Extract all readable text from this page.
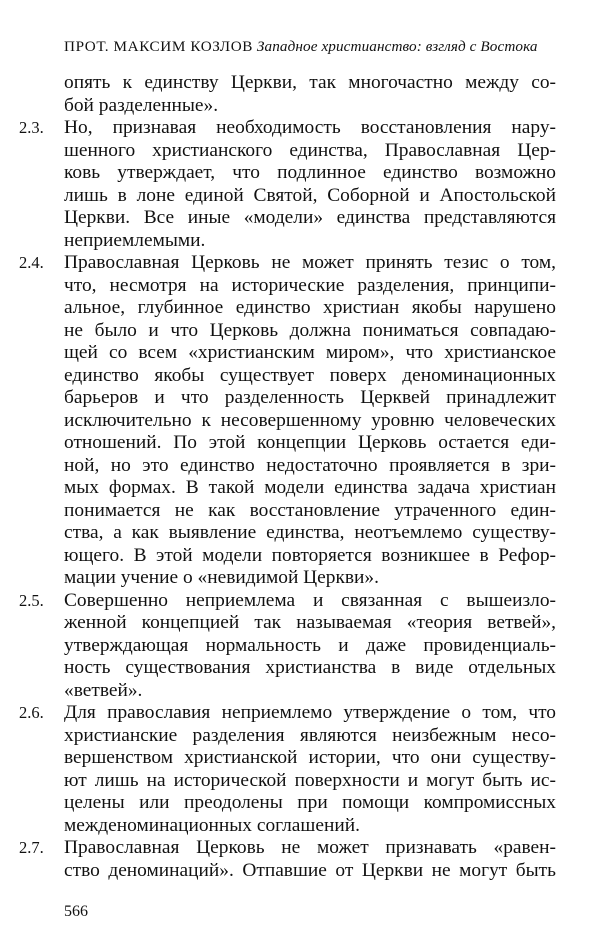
ПРОТ. МАКСИМ КОЗЛОВ Западное христианство: взгляд с Востока
опять к единству Церкви, так многочастно между со-
бой разделенные».
2.3. Но, признавая необходимость восстановления нару-
шенного христианского единства, Православная Цер-
ковь утверждает, что подлинное единство возможно
лишь в лоне единой Святой, Соборной и Апостольской
Церкви. Все иные «модели» единства представляются
неприемлемыми.
2.4. Православная Церковь не может принять тезис о том,
что, несмотря на исторические разделения, принципи-
альное, глубинное единство христиан якобы нарушено
не было и что Церковь должна пониматься совпадаю-
щей со всем «христианским миром», что христианское
единство якобы существует поверх деноминационных
барьеров и что разделенность Церквей принадлежит
исключительно к несовершенному уровню человеческих
отношений. По этой концепции Церковь остается еди-
ной, но это единство недостаточно проявляется в зри-
мых формах. В такой модели единства задача христиан
понимается не как восстановление утраченного един-
ства, а как выявление единства, неотъемлемо существу-
ющего. В этой модели повторяется возникшее в Рефор-
мации учение о «невидимой Церкви».
2.5. Совершенно неприемлема и связанная с вышеизло-
женной концепцией так называемая «теория ветвей»,
утверждающая нормальность и даже провиденциаль-
ность существования христианства в виде отдельных
«ветвей».
2.6. Для православия неприемлемо утверждение о том, что
христианские разделения являются неизбежным несо-
вершенством христианской истории, что они существу-
ют лишь на исторической поверхности и могут быть ис-
целены или преодолены при помощи компромиссных
межденоминационных соглашений.
2.7. Православная Церковь не может признавать «равен-
ство деноминаций». Отпавшие от Церкви не могут быть
566
